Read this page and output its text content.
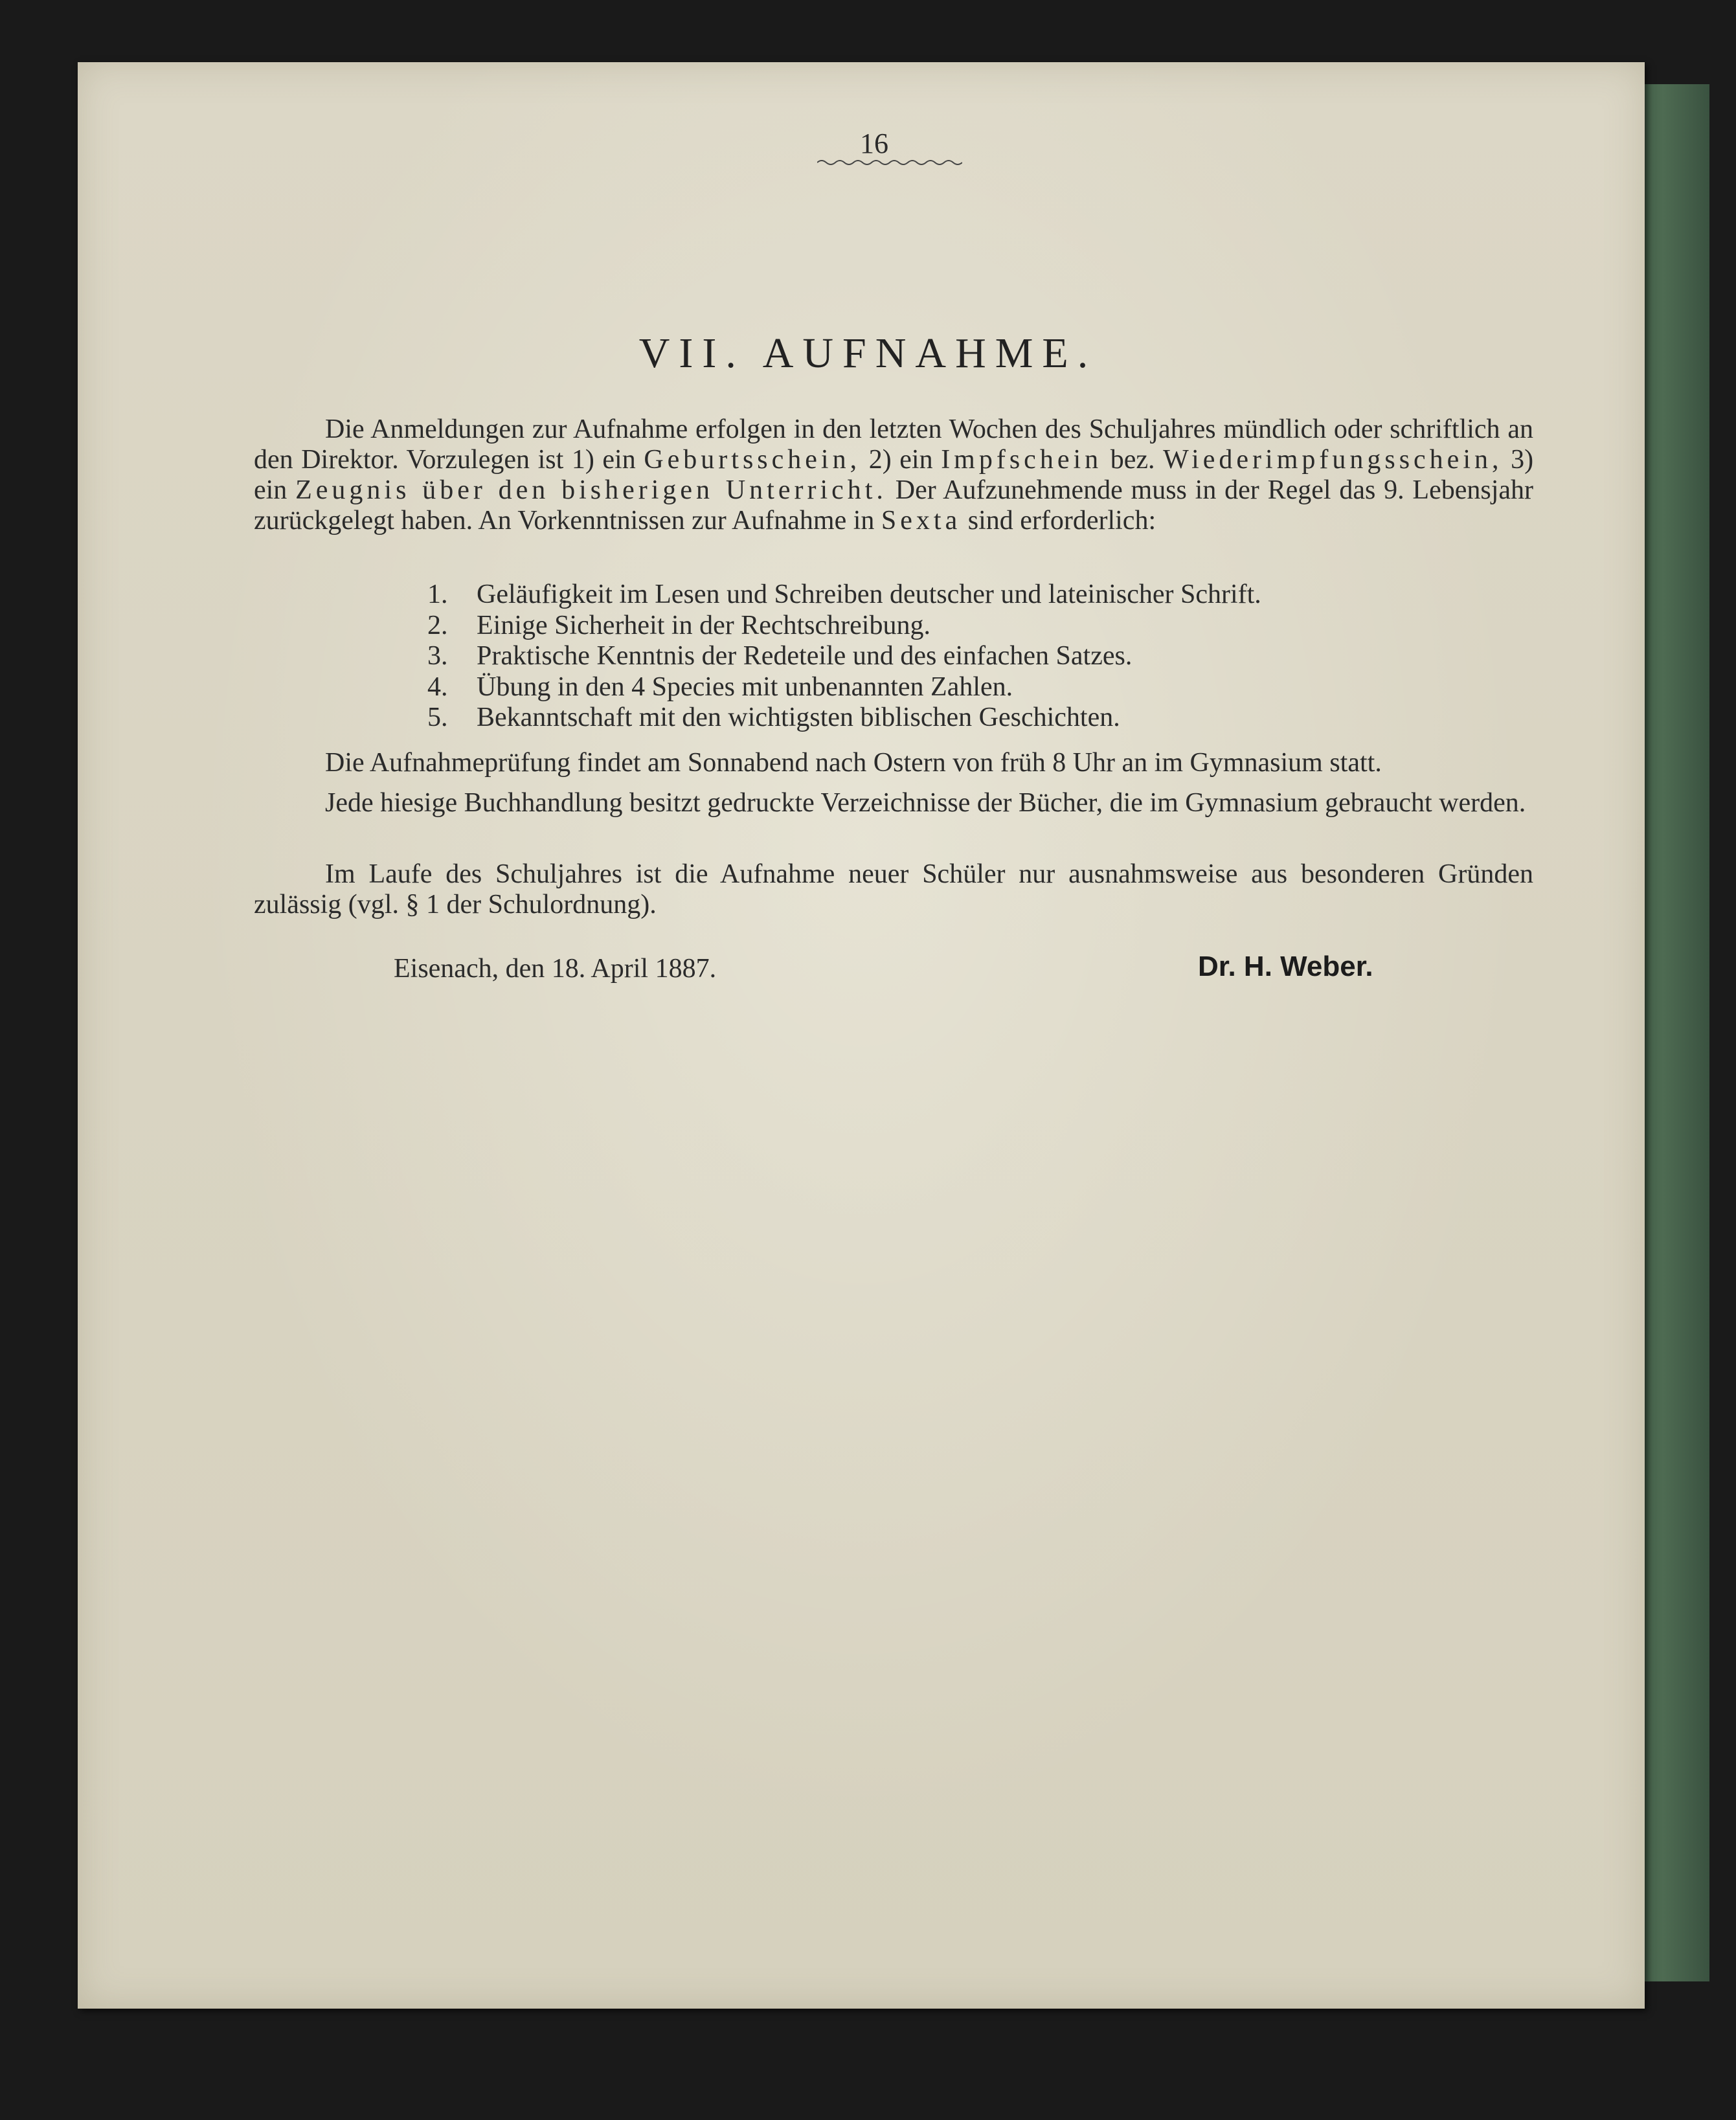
16
VII. AUFNAHME.
Die Anmeldungen zur Aufnahme erfolgen in den letzten Wochen des Schuljahres mündlich oder schriftlich an den Direktor. Vorzulegen ist 1) ein Geburtsschein, 2) ein Impfschein bez. Wiederimpfungsschein, 3) ein Zeugnis über den bisherigen Unterricht. Der Aufzunehmende muss in der Regel das 9. Lebensjahr zurückgelegt haben. An Vorkenntnissen zur Aufnahme in Sexta sind erforderlich:
1.	Geläufigkeit im Lesen und Schreiben deutscher und lateinischer Schrift.
2.	Einige Sicherheit in der Rechtschreibung.
3.	Praktische Kenntnis der Redeteile und des einfachen Satzes.
4.	Übung in den 4 Species mit unbenannten Zahlen.
5.	Bekanntschaft mit den wichtigsten biblischen Geschichten.
Die Aufnahmeprüfung findet am Sonnabend nach Ostern von früh 8 Uhr an im Gymnasium statt.
Jede hiesige Buchhandlung besitzt gedruckte Verzeichnisse der Bücher, die im Gymnasium gebraucht werden.
Im Laufe des Schuljahres ist die Aufnahme neuer Schüler nur ausnahmsweise aus besonderen Gründen zulässig (vgl. § 1 der Schulordnung).
Eisenach, den 18. April 1887.	Dr. H. Weber.
